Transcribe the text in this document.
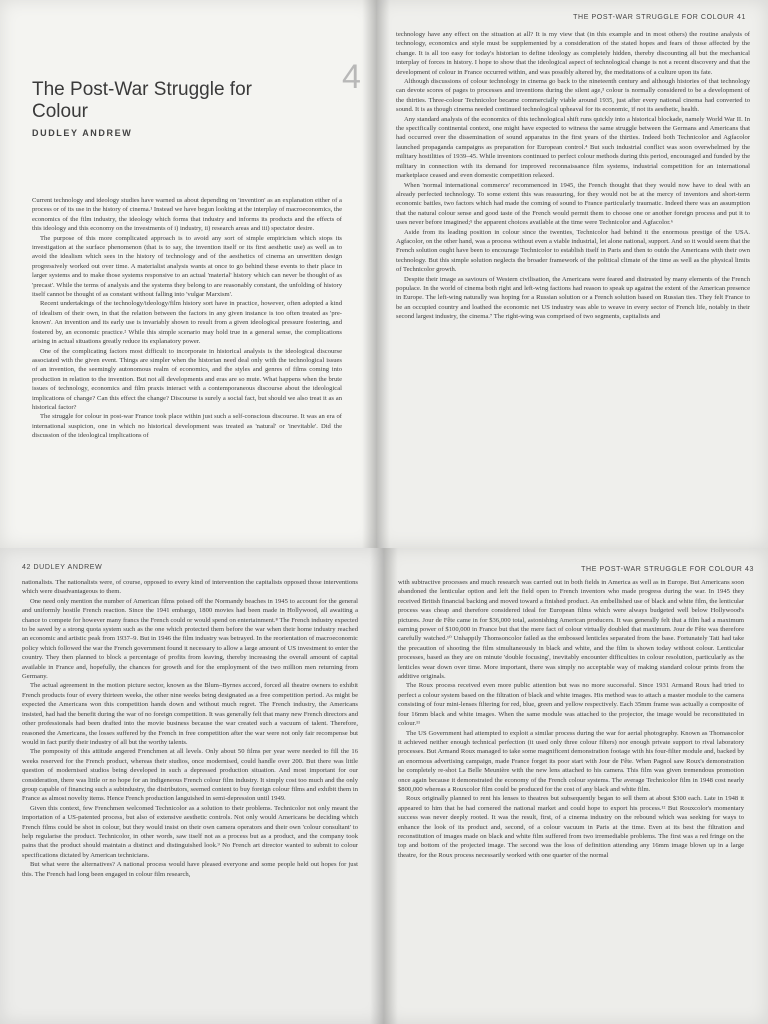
The Post-War Struggle for Colour
4
DUDLEY ANDREW

Current technology and ideology studies have warned us about depending on 'invention' as an explanation either of a process or of its use in the history of cinema.¹ Instead we have begun looking at the interplay of macroeconomics, the economics of the film industry, the ideology which forms that industry and informs its products and the effects of this ideology and this economy on the investments of i) industry, ii) research areas and iii) spectator desire.

The purpose of this more complicated approach is to avoid any sort of simple empiricism which stops its investigation at the surface phenomenon (that is to say, the invention itself or its first aesthetic use) as well as to avoid the idealism which sees in the history of technology and of the aesthetics of cinema an unwritten design progressively worked out over time. A materialist analysis wants at once to go behind these events to their place in larger systems and to make those systems responsive to an actual 'material' history which can never be thought of as 'precast'. While the terms of analysis and the systems they belong to are reasonably constant, the unfolding of history itself cannot be thought of as constant without falling into 'vulgar Marxism'.

Recent undertakings of the technology/ideology/film history sort have in practice, however, often adopted a kind of idealism of their own, in that the relation between the factors in any given instance is too often treated as 'pre-known'. An invention and its early use is invariably shown to result from a given ideological pressure fostering, and fostered by, an economic practice.² While this simple scenario may hold true in a general sense, the complications arising in actual situations greatly reduce its explanatory power.

One of the complicating factors most difficult to incorporate in historical analysis is the ideological discourse associated with the given event. Things are simpler when the historian need deal only with the technological issues of an invention, the seemingly autonomous realm of economics, and the styles and genres of films coming into production in relation to the invention. But not all developments and eras are so mute. What happens when the brute issues of technology, economics and film praxis interact with a contemporaneous discourse about the ideological implications of change? Can this effect the change? Discourse is surely a social fact, but should we also treat it as an historical factor?

The struggle for colour in post-war France took place within just such a self-conscious discourse. It was an era of international suspicion, one in which no historical development was treated as 'natural' or 'inevitable'. Did the discussion of the ideological implications of

THE POST-WAR STRUGGLE FOR COLOUR 41

technology have any effect on the situation at all? It is my view that (in this example and in most others) the routine analysis of technology, economics and style must be supplemented by a consideration of the stated hopes and fears of those affected by the change. It is all too easy for today's historian to define ideology as completely hidden, thereby discounting all but the mechanical interplay of forces in history. I hope to show that the ideological aspect of technological change is not a recent discovery and that the development of colour in France occurred within, and was possibly altered by, the meditations of a culture upon its fate.

Although discussions of colour technology in cinema go back to the nineteenth century and although histories of that technology can devote scores of pages to processes and inventions during the silent age,³ colour is normally considered to be a development of the thirties. Three-colour Technicolor became commercially viable around 1935, just after every national cinema had converted to sound. It is as though cinema needed continued technological upheaval for its economic, if not its aesthetic, health.

Any standard analysis of the economics of this technological shift runs quickly into a historical blockade, namely World War II. In the specifically continental context, one might have expected to witness the same struggle between the Germans and Americans that had occurred over the dissemination of sound apparatus in the first years of the thirties. Indeed both Technicolor and Agfacolor launched propaganda campaigns as preparation for European control.⁴ But such industrial conflict was soon overwhelmed by the military hostilities of 1939–45. While inventors continued to perfect colour methods during this period, encouraged and funded by the military in connection with its demand for improved reconnaissance film systems, industrial competition for an international marketplace ceased and even domestic competition relaxed.

When 'normal international commerce' recommenced in 1945, the French thought that they would now have to deal with an already perfected technology. To some extent this was reassuring, for they would not be at the mercy of inventors and short-term economic battles, two factors which had made the coming of sound to France particularly traumatic. Indeed there was an assumption that the natural colour sense and good taste of the French would permit them to choose one or another foreign process and put it to uses never before imagined;⁵ the apparent choices available at the time were Technicolor and Agfacolor.⁶

Aside from its leading position in colour since the twenties, Technicolor had behind it the enormous prestige of the USA. Agfacolor, on the other hand, was a process without even a viable industrial, let alone national, support. And so it would seem that the French solution ought have been to encourage Technicolor to establish itself in Paris and then to outdo the Americans with their own technology. But this simple solution neglects the broader framework of the political climate of the time as well as the physical limits of Technicolor growth.

Despite their image as saviours of Western civilisation, the Americans were feared and distrusted by many elements of the French populace. In the world of cinema both right and left-wing factions had reason to speak up against the extent of the American presence in Europe. The left-wing naturally was hoping for a Russian solution or a French solution based on Russian ties. They felt France to be an occupied country and loathed the economic net US industry was able to weave in every sector of French life, notably in their second largest industry, the cinema.⁷ The right-wing was comprised of two segments, capitalists and

42 DUDLEY ANDREW

nationalists. The nationalists were, of course, opposed to every kind of intervention the capitalists opposed those interventions which were disadvantageous to them.

One need only mention the number of American films poised off the Normandy beaches in 1945 to account for the general and uniformly hostile French reaction. Since the 1941 embargo, 1800 movies had been made in Hollywood, all awaiting a chance to compete for however many francs the French could or would spend on entertainment.⁸ The French industry expected to be saved by a strong quota system such as the one which protected them before the war when their home industry reached an economic and artistic peak from 1937–9. But in 1946 the film industry was betrayed. In the reorientation of macroeconomic policy which followed the war the French government found it necessary to allow a large amount of US investment to enter the country. They then planned to block a percentage of profits from leaving, thereby increasing the overall amount of capital available in France and, hopefully, the chances for growth and for the employment of the two million men returning from Germany.

The actual agreement in the motion picture sector, known as the Blum–Byrnes accord, forced all theatre owners to exhibit French products four of every thirteen weeks, the other nine weeks being designated as a free competition period. As might be expected the Americans won this competition hands down and without much regret. The French industry, the Americans insisted, had had the benefit during the war of no foreign competition. It was generally felt that many new French directors and other professionals had been drafted into the movie business because the war created such a vacuum of talent. Therefore, reasoned the Americans, the losses suffered by the French in free competition after the war were not only fair recompense but would in fact purify their industry of all but the worthy talents.

The pomposity of this attitude angered Frenchmen at all levels. Only about 50 films per year were needed to fill the 16 weeks reserved for the French product, whereas their studios, once modernised, could handle over 200. But there was little question of modernised studios being developed in such a depressed production situation. And most important for our consideration, there was little or no hope for an indigeneous French colour film industry. It simply cost too much and the only group capable of financing such a subindustry, the distributors, seemed content to buy foreign colour films and exhibit them in France as almost novelty items. Hence French production languished in semi-depression until 1949.

Given this context, few Frenchmen welcomed Technicolor as a solution to their problems. Technicolor not only meant the importation of a US-patented process, but also of extensive aesthetic controls. Not only would Americans be deciding which French films could be shot in colour, but they would insist on their own camera operators and their own 'colour consultant' to help regularise the product. Technicolor, in other words, saw itself not as a process but as a product, and the company took pains that the product should maintain a distinct and distinguished look.⁹ No French art director wanted to submit to colour specifications dictated by American technicians.

But what were the alternatives? A national process would have pleased everyone and some people held out hopes for just this. The French had long been engaged in colour film research,

THE POST-WAR STRUGGLE FOR COLOUR 43

with subtractive processes and much research was carried out in both fields in America as well as in Europe. But Americans soon abandoned the lenticular option and left the field open to French inventors who made progress during the war. In 1945 they received British financial backing and moved toward a finished product. An embellished use of black and white film, the lenticular process was cheap and therefore considered ideal for European films which were always budgeted well below Hollywood's pictures. Jour de Fête came in for $36,000 total, astonishing American producers. It was generally felt that a film had a maximum earning power of $100,000 in France but that the mere fact of colour virtually doubled that maximum. Jour de Fête was therefore carefully watched.¹⁰ Unhappily Thomsoncolor failed as the embossed lenticles separated from the base. Fortunately Tati had take the precaution of shooting the film simultaneously in black and white, and the film is shown today without colour. Lenticular processes, based as they are on minute 'double focusing', inevitably encounter difficulties in colour resolution, particularly as the lenticles wear down over time. More important, there was simply no acceptable way of making standard colour prints from the additive originals.

The Roux process received even more public attention but was no more successful. Since 1931 Armand Roux had tried to perfect a colour system based on the filtration of black and white images. His method was to attach a master module to the camera consisting of four mini-lenses filtering for red, blue, green and yellow respectively. Each 35mm frame was actually a composite of four 16mm black and white images. When the same module was attached to the projector, the image would be reconstituted in colour.¹¹

The US Government had attempted to exploit a similar process during the war for aerial photography. Known as Thomascolor it achieved neither enough technical perfection (it used only three colour filters) nor enough private support to rival laboratory processes. But Armand Roux managed to take some magnificent demonstration footage with his four-filter module and, backed by an enormous advertising campaign, made France forget its poor start with Jour de Fête. When Pagnol saw Roux's demonstration he completely re-shot La Belle Meunière with the new lens attached to his camera. This film was given tremendous promotion once again because it demonstrated the economy of the French colour systems. The average Technicolor film in 1948 cost nearly $800,000 whereas a Rouxcolor film could be produced for the cost of any black and white film.

Roux originally planned to rent his lenses to theatres but subsequently began to sell them at about $300 each. Late in 1948 it appeared to him that he had cornered the national market and could hope to export his process.¹² But Rouxcolor's momentary success was never deeply rooted. It was the result, first, of a cinema industry on the rebound which was seeking for ways to enhance the look of its product and, second, of a colour vacuum in Paris at the time. Even at its best the filtration and reconstitution of images made on black and white film suffered from two irremediable problems. The first was a red fringe on the top and bottom of the projected image. The second was the loss of definition attending any 16mm image blown up in a large theatre, for the Roux process necessarily worked with one quarter of the normal
